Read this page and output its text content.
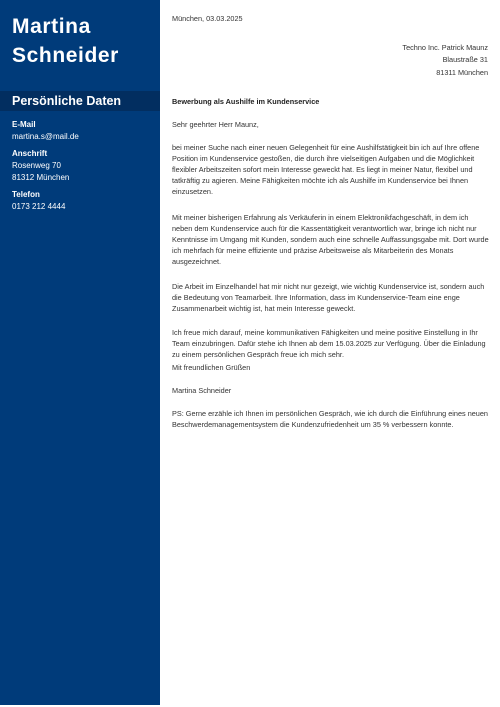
Martina
Schneider
Persönliche Daten
E-Mail
martina.s@mail.de
Anschrift
Rosenweg 70
81312 München
Telefon
0173 212 4444

München, 03.03.2025

Techno Inc. Patrick Maunz
Blaustraße 31
81311 München

Bewerbung als Aushilfe im Kundenservice

Sehr geehrter Herr Maunz,

bei meiner Suche nach einer neuen Gelegenheit für eine Aushilfstätigkeit bin ich auf Ihre offene Position im Kundenservice gestoßen, die durch ihre vielseitigen Aufgaben und die Möglichkeit flexibler Arbeitszeiten sofort mein Interesse geweckt hat. Es liegt in meiner Natur, flexibel und tatkräftig zu agieren. Meine Fähigkeiten möchte ich als Aushilfe im Kundenservice bei Ihnen einzusetzen.

Mit meiner bisherigen Erfahrung als Verkäuferin in einem Elektronikfachgeschäft, in dem ich neben dem Kundenservice auch für die Kassentätigkeit verantwortlich war, bringe ich nicht nur Kenntnisse im Umgang mit Kunden, sondern auch eine schnelle Auffassungsgabe mit. Dort wurde ich mehrfach für meine effiziente und präzise Arbeitsweise als Mitarbeiterin des Monats ausgezeichnet.

Die Arbeit im Einzelhandel hat mir nicht nur gezeigt, wie wichtig Kundenservice ist, sondern auch die Bedeutung von Teamarbeit. Ihre Information, dass im Kundenservice-Team eine enge Zusammenarbeit wichtig ist, hat mein Interesse geweckt.

Ich freue mich darauf, meine kommunikativen Fähigkeiten und meine positive Einstellung in Ihr Team einzubringen. Dafür stehe ich Ihnen ab dem 15.03.2025 zur Verfügung. Über die Einladung zu einem persönlichen Gespräch freue ich mich sehr.

Mit freundlichen Grüßen

Martina Schneider

PS: Gerne erzähle ich Ihnen im persönlichen Gespräch, wie ich durch die Einführung eines neuen Beschwerdemanagementsystem die Kundenzufriedenheit um 35 % verbessern konnte.
